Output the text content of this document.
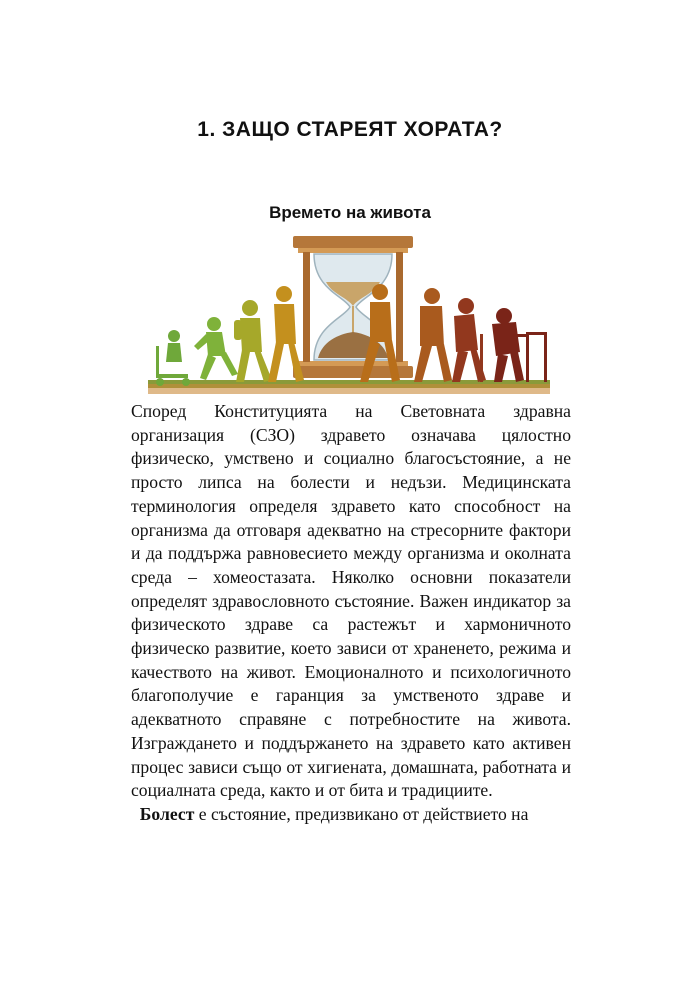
1. ЗАЩО СТАРЕЯТ ХОРАТА?
Времето на живота

Според Конституцията на Световната здравна организация (СЗО) здравето означава цялостно физическо, умствено и социално благосъстояние, а не просто липса на болести и недъзи. Медицинската терминология определя здравето като способност на организма да отговаря адекватно на стресорните фактори и да поддържа равновесието между организма и околната среда – хомеостазата. Няколко основни показатели определят здравословното състояние. Важен индикатор за физическото здраве са растежът и хармоничното физическо развитие, което зависи от храненето, режима и качеството на живот. Емоционалното и психологичното благополучие е гаранция за умственото здраве и адекватното справяне с потребностите на живота. Изграждането и поддържането на здравето като активен процес зависи също от хигиената, домашната, работната и социалната среда, както и от бита и традициите.

Болест е състояние, предизвикано от действието на
